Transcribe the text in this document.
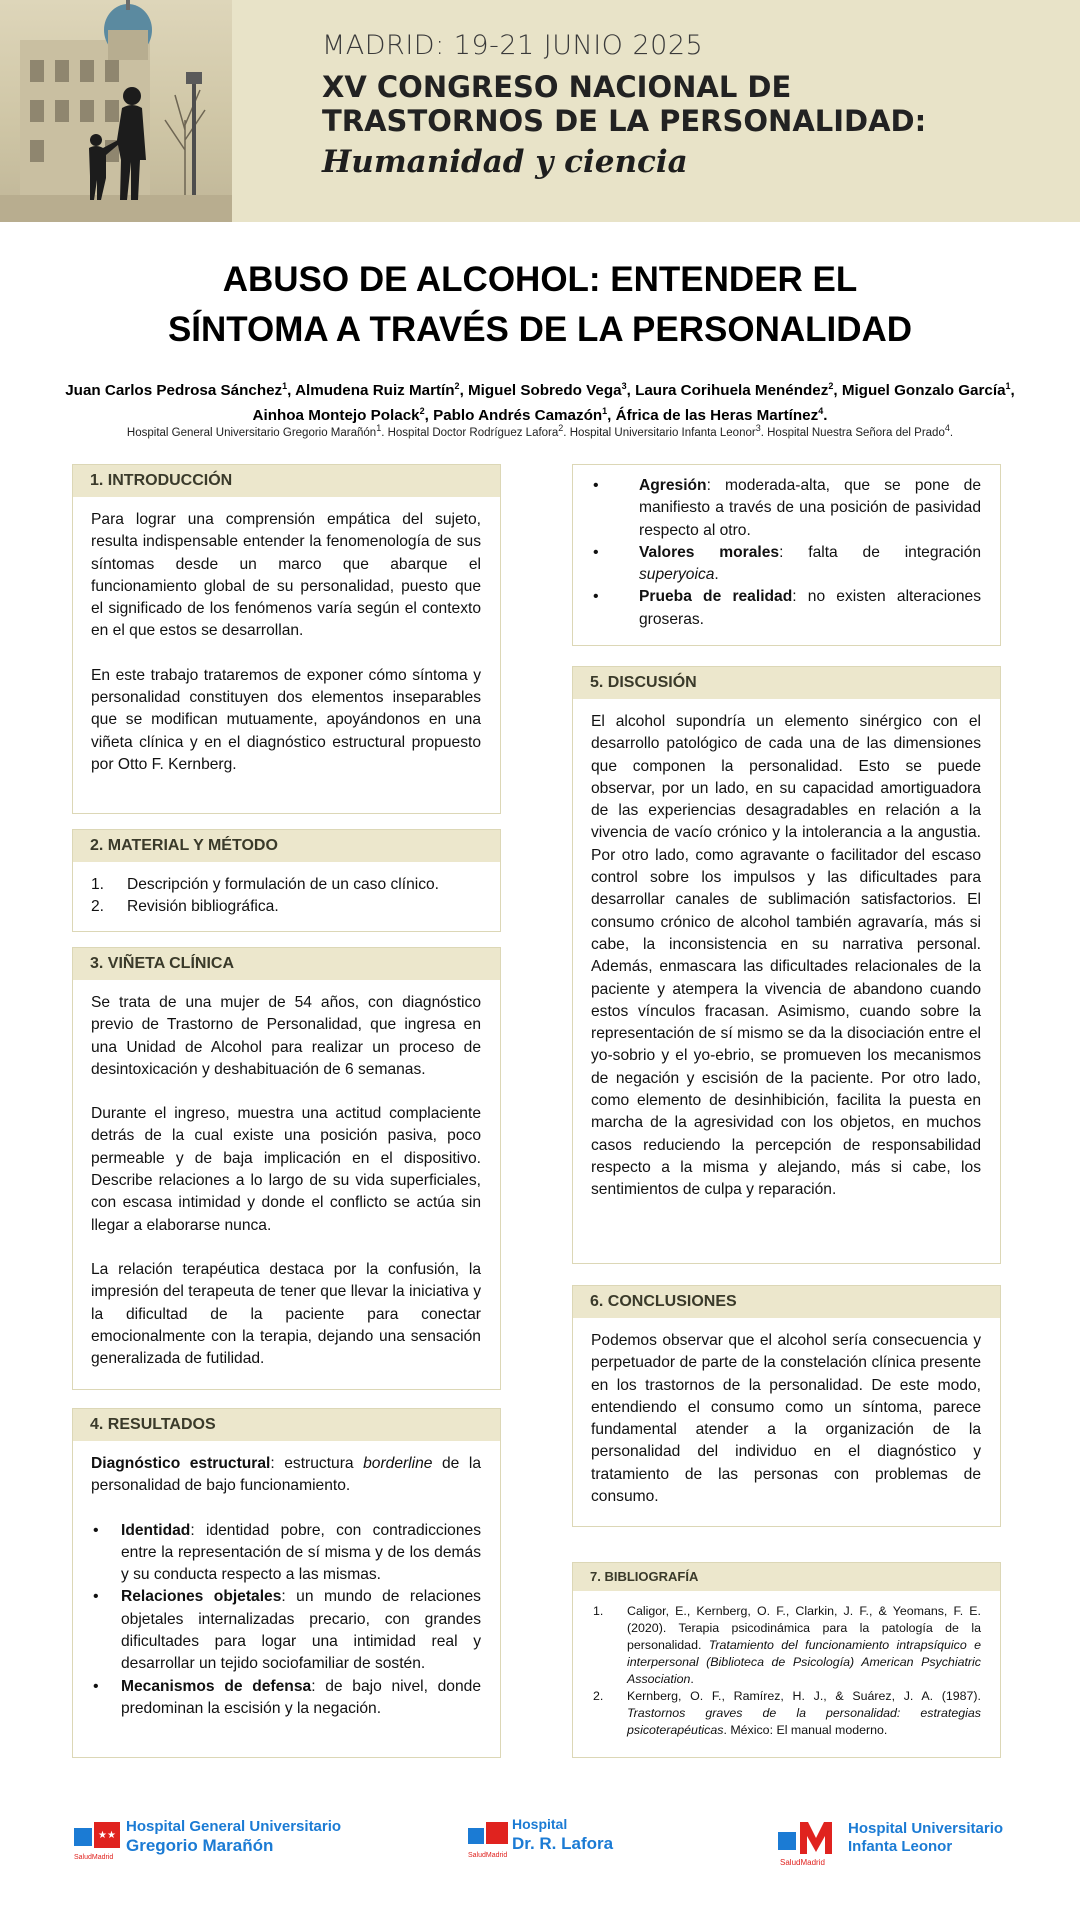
MADRID: 19-21 JUNIO 2025
XV CONGRESO NACIONAL DE
TRASTORNOS DE LA PERSONALIDAD:
Humanidad y ciencia
ABUSO DE ALCOHOL: ENTENDER EL
SÍNTOMA A TRAVÉS DE LA PERSONALIDAD
Juan Carlos Pedrosa Sánchez$^1$, Almudena Ruiz Martín$^2$, Miguel Sobredo Vega$^3$, Laura Corihuela Menéndez$^2$, Miguel Gonzalo García$^1$,
Ainhoa Montejo Polack$^2$, Pablo Andrés Camazón$^1$, África de las Heras Martínez$^4$.
Hospital General Universitario Gregorio Marañón$^1$. Hospital Doctor Rodríguez Lafora$^2$. Hospital Universitario Infanta Leonor$^3$. Hospital Nuestra Señora del Prado$^4$.
1. INTRODUCCIÓN

Para lograr una comprensión empática del sujeto, resulta indispensable entender la fenomenología de sus síntomas desde un marco que abarque el funcionamiento global de su personalidad, puesto que el significado de los fenómenos varía según el contexto en el que estos se desarrollan.

En este trabajo trataremos de exponer cómo síntoma y personalidad constituyen dos elementos inseparables que se modifican mutuamente, apoyándonos en una viñeta clínica y en el diagnóstico estructural propuesto por Otto F. Kernberg.

2. MATERIAL Y MÉTODO
1. Descripción y formulación de un caso clínico.
2. Revisión bibliográfica.
3. VIÑETA CLÍNICA

Se trata de una mujer de 54 años, con diagnóstico previo de Trastorno de Personalidad, que ingresa en una Unidad de Alcohol para realizar un proceso de desintoxicación y deshabituación de 6 semanas.

Durante el ingreso, muestra una actitud complaciente detrás de la cual existe una posición pasiva, poco permeable y de baja implicación en el dispositivo. Describe relaciones a lo largo de su vida superficiales, con escasa intimidad y donde el conflicto se actúa sin llegar a elaborarse nunca.

La relación terapéutica destaca por la confusión, la impresión del terapeuta de tener que llevar la iniciativa y la dificultad de la paciente para conectar emocionalmente con la terapia, dejando una sensación generalizada de futilidad.

4. RESULTADOS

Diagnóstico estructural: estructura borderline de la personalidad de bajo funcionamiento.

• Identidad: identidad pobre, con contradicciones entre la representación de sí misma y de los demás y su conducta respecto a las mismas.
• Relaciones objetales: un mundo de relaciones objetales internalizadas precario, con grandes dificultades para logar una intimidad real y desarrollar un tejido sociofamiliar de sostén.
• Mecanismos de defensa: de bajo nivel, donde predominan la escisión y la negación.
• Agresión: moderada-alta, que se pone de manifiesto a través de una posición de pasividad respecto al otro.
• Valores morales: falta de integración superyoica.
• Prueba de realidad: no existen alteraciones groseras.
5. DISCUSIÓN

El alcohol supondría un elemento sinérgico con el desarrollo patológico de cada una de las dimensiones que componen la personalidad. Esto se puede observar, por un lado, en su capacidad amortiguadora de las experiencias desagradables en relación a la vivencia de vacío crónico y la intolerancia a la angustia. Por otro lado, como agravante o facilitador del escaso control sobre los impulsos y las dificultades para desarrollar canales de sublimación satisfactorios. El consumo crónico de alcohol también agravaría, más si cabe, la inconsistencia en su narrativa personal. Además, enmascara las dificultades relacionales de la paciente y atempera la vivencia de abandono cuando estos vínculos fracasan. Asimismo, cuando sobre la representación de sí mismo se da la disociación entre el yo-sobrio y el yo-ebrio, se promueven los mecanismos de negación y escisión de la paciente. Por otro lado, como elemento de desinhibición, facilita la puesta en marcha de la agresividad con los objetos, en muchos casos reduciendo la percepción de responsabilidad respecto a la misma y alejando, más si cabe, los sentimientos de culpa y reparación.

6. CONCLUSIONES

Podemos observar que el alcohol sería consecuencia y perpetuador de parte de la constelación clínica presente en los trastornos de la personalidad. De este modo, entendiendo el consumo como un síntoma, parece fundamental atender a la organización de la personalidad del individuo en el diagnóstico y tratamiento de las personas con problemas de consumo.

7. BIBLIOGRAFÍA
1. Caligor, E., Kernberg, O. F., Clarkin, J. F., & Yeomans, F. E. (2020). Terapia psicodinámica para la patología de la personalidad. Tratamiento del funcionamiento intrapsíquico e interpersonal (Biblioteca de Psicología) American Psychiatric Association.
2. Kernberg, O. F., Ramírez, H. J., & Suárez, J. A. (1987). Trastornos graves de la personalidad: estrategias psicoterapéuticas. México: El manual moderno.
★★
SaludMadrid
Hospital General Universitario
Gregorio Marañón
SaludMadrid
Hospital
Dr. R. Lafora
SaludMadrid
Hospital Universitario
Infanta Leonor
